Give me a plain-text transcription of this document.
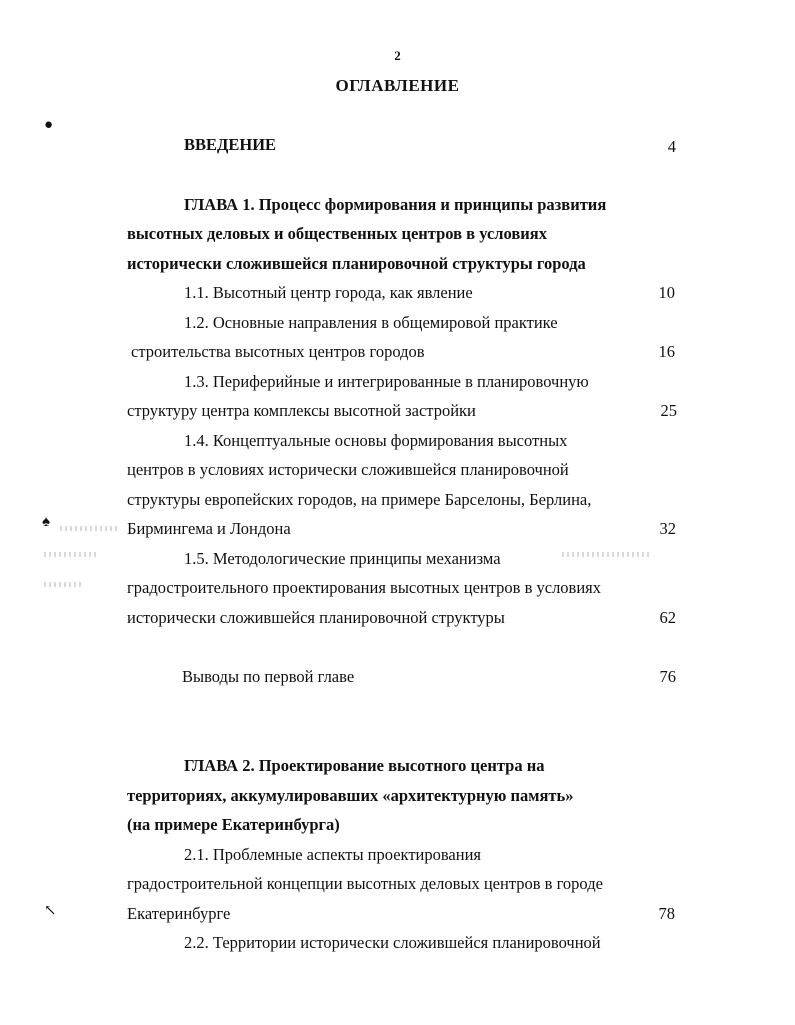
2
ОГЛАВЛЕНИЕ
●
♠
↖
ВВЕДЕНИЕ	4
ГЛАВА 1. Процесс формирования и принципы развития
высотных деловых и общественных центров в условиях
исторически сложившейся планировочной структуры города
1.1. Высотный центр города, как явление	10
1.2. Основные направления в общемировой практике
строительства высотных центров городов	16
1.3. Периферийные и интегрированные в планировочную
структуру центра комплексы высотной застройки	25
1.4. Концептуальные основы формирования высотных
центров в условиях исторически сложившейся планировочной
структуры европейских городов, на примере Барселоны, Берлина,
Бирмингема и Лондона	32
1.5. Методологические принципы механизма
градостроительного проектирования высотных центров в условиях
исторически сложившейся планировочной структуры	62
Выводы по первой главе	76
ГЛАВА 2. Проектирование высотного центра на
территориях, аккумулировавших «архитектурную память»
(на примере Екатеринбурга)
2.1. Проблемные аспекты проектирования
градостроительной концепции высотных деловых центров в городе
Екатеринбурге	78
2.2. Территории исторически сложившейся планировочной
